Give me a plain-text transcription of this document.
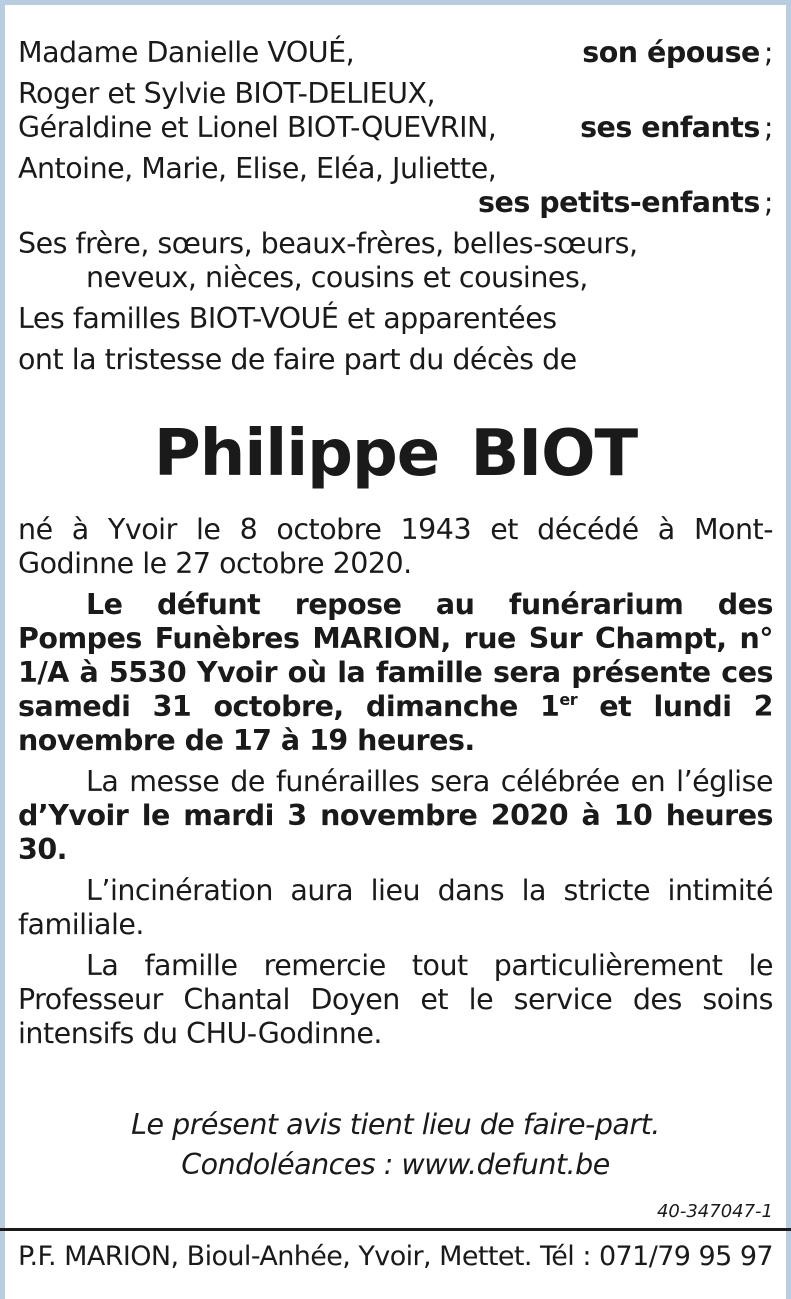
Madame Danielle VOUÉ,	son épouse ;
Roger et Sylvie BIOT-DELIEUX,
Géraldine et Lionel BIOT-QUEVRIN,	ses enfants ;
Antoine, Marie, Elise, Eléa, Juliette,
ses petits-enfants ;
Ses frère, sœurs, beaux-frères, belles-sœurs,
neveux, nièces, cousins et cousines,
Les familles BIOT-VOUÉ et apparentées
ont la tristesse de faire part du décès de
Philippe BIOT
né à Yvoir le 8 octobre 1943 et décédé à Mont-Godinne le 27 octobre 2020.
Le défunt repose au funérarium des Pompes Funèbres MARION, rue Sur Champt, n° 1/A à 5530 Yvoir où la famille sera présente ces samedi 31 octobre, dimanche 1er et lundi 2 novembre de 17 à 19 heures.
La messe de funérailles sera célébrée en l’église d’Yvoir le mardi 3 novembre 2020 à 10 heures 30.
L’incinération aura lieu dans la stricte intimité familiale.
La famille remercie tout particulièrement le Professeur Chantal Doyen et le service des soins intensifs du CHU-Godinne.
Le présent avis tient lieu de faire-part.
Condoléances : www.defunt.be
40-347047-1
P.F. MARION, Bioul-Anhée, Yvoir, Mettet. Tél : 071/79 95 97
